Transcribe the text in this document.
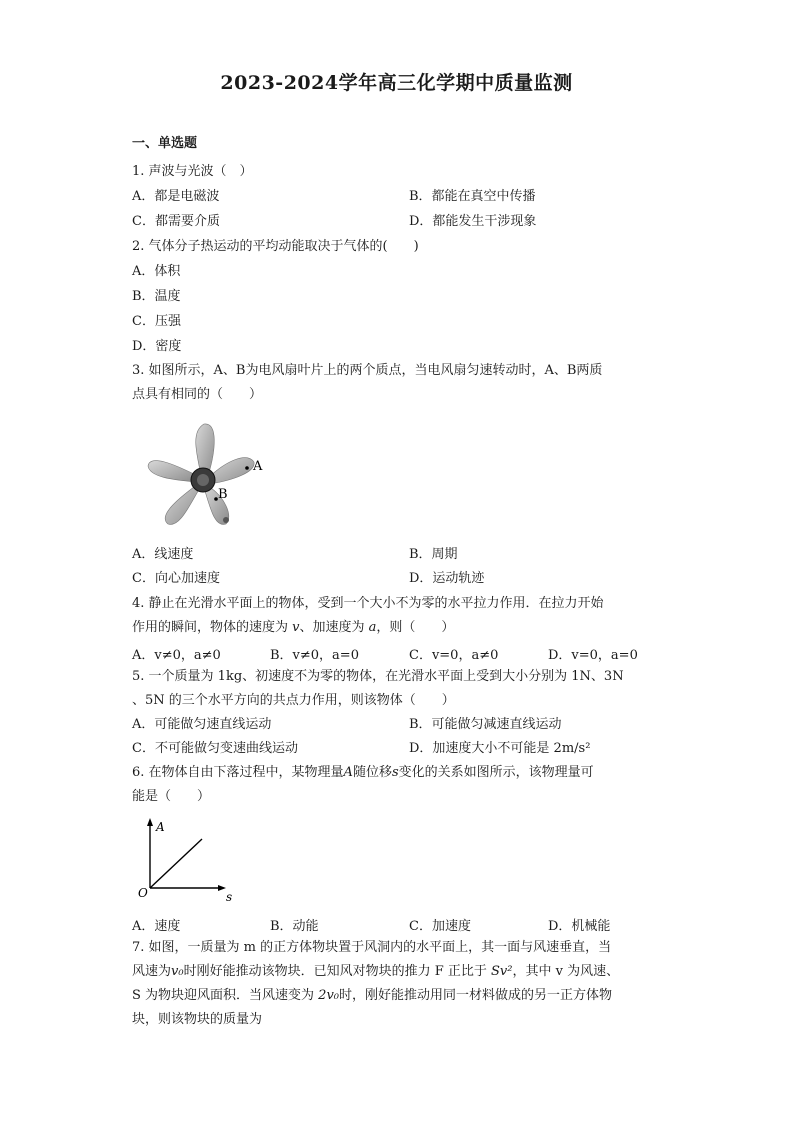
2023-2024学年高三化学期中质量监测
一、单选题
1. 声波与光波（　）
A．都是电磁波	B．都能在真空中传播
C．都需要介质	D．都能发生干涉现象
2. 气体分子热运动的平均动能取决于气体的(　　)
A．体积
B．温度
C．压强
D．密度
3. 如图所示，A、B为电风扇叶片上的两个质点，当电风扇匀速转动时，A、B两质
点具有相同的（　　）
A
B
A．线速度	B．周期
C．向心加速度	D．运动轨迹
4. 静止在光滑水平面上的物体，受到一个大小不为零的水平拉力作用．在拉力开始
作用的瞬间，物体的速度为 v、加速度为 a，则（　　）
A．v≠0，a≠0	B．v≠0，a=0	C．v=0，a≠0	D．v=0，a=0
5. 一个质量为 1kg、初速度不为零的物体，在光滑水平面上受到大小分别为 1N、3N
、5N 的三个水平方向的共点力作用，则该物体（　　）
A．可能做匀速直线运动	B．可能做匀减速直线运动
C．不可能做匀变速曲线运动	D．加速度大小不可能是 2m/s²
6. 在物体自由下落过程中，某物理量A随位移s变化的关系如图所示，该物理量可
能是（　　）
A
s
O
A．速度	B．动能	C．加速度	D．机械能
7. 如图，一质量为 m 的正方体物块置于风洞内的水平面上，其一面与风速垂直，当
风速为v₀时刚好能推动该物块．已知风对物块的推力 F 正比于 Sv²，其中 v 为风速、
S 为物块迎风面积．当风速变为 2v₀时，刚好能推动用同一材料做成的另一正方体物
块，则该物块的质量为
